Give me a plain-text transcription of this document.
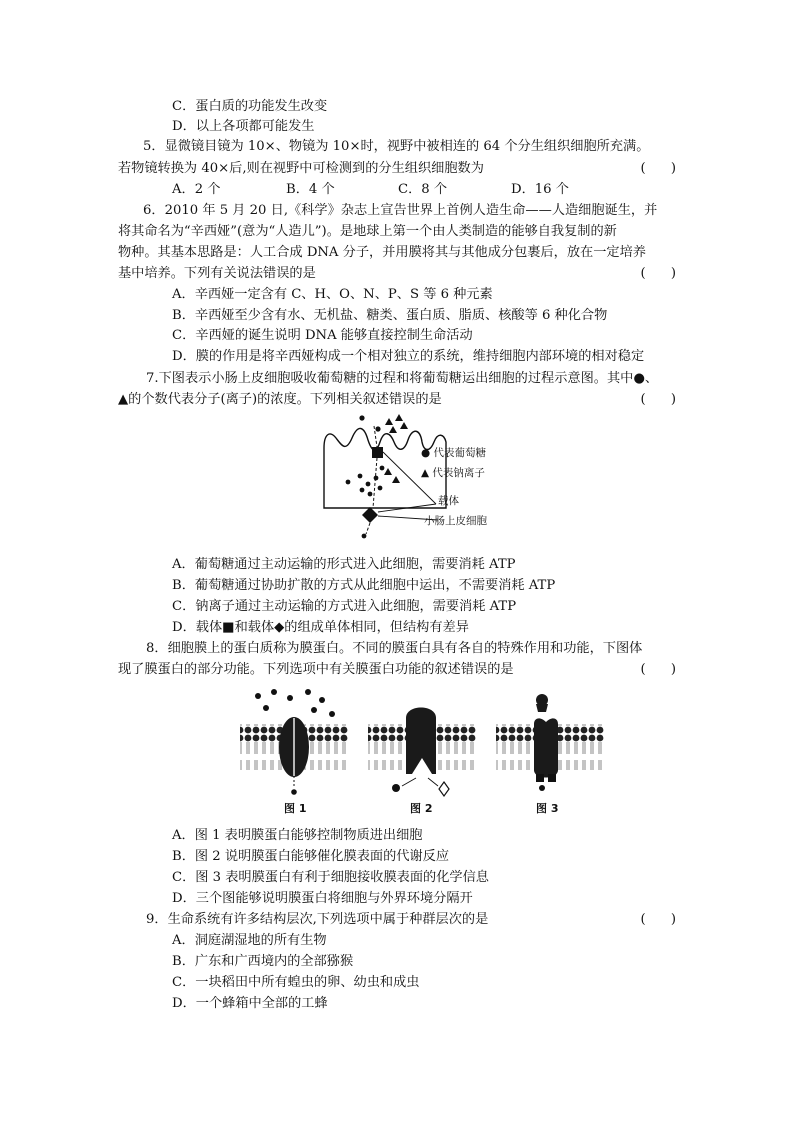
C．蛋白质的功能发生改变
D．以上各项都可能发生
5．显微镜目镜为 10×、物镜为 10×时，视野中被相连的 64 个分生组织细胞所充满。
若物镜转换为 40×后,则在视野中可检测到的分生组织细胞数为	(      )
A．2 个	B．4 个	C．8 个	D．16 个
6．2010 年 5 月 20 日,《科学》杂志上宣告世界上首例人造生命——人造细胞诞生，并
将其命名为“辛西娅”(意为“人造儿”)。是地球上第一个由人类制造的能够自我复制的新
物种。其基本思路是：人工合成 DNA 分子，并用膜将其与其他成分包裹后，放在一定培养
基中培养。下列有关说法错误的是	(      )
A．辛西娅一定含有 C、H、O、N、P、S 等 6 种元素
B．辛西娅至少含有水、无机盐、糖类、蛋白质、脂质、核酸等 6 种化合物
C．辛西娅的诞生说明 DNA 能够直接控制生命活动
D．膜的作用是将辛西娅构成一个相对独立的系统，维持细胞内部环境的相对稳定
7.下图表示小肠上皮细胞吸收葡萄糖的过程和将葡萄糖运出细胞的过程示意图。其中●、
▲的个数代表分子(离子)的浓度。下列相关叙述错误的是	(      )
● 代表葡萄糖
▲ 代表钠离子
载体
小肠上皮细胞
A．葡萄糖通过主动运输的形式进入此细胞，需要消耗 ATP
B．葡萄糖通过协助扩散的方式从此细胞中运出，不需要消耗 ATP
C．钠离子通过主动运输的方式进入此细胞，需要消耗 ATP
D．载体■和载体◆的组成单体相同，但结构有差异
8．细胞膜上的蛋白质称为膜蛋白。不同的膜蛋白具有各自的特殊作用和功能，下图体
现了膜蛋白的部分功能。下列选项中有关膜蛋白功能的叙述错误的是	(      )
图 1	图 2	图 3
A．图 1 表明膜蛋白能够控制物质进出细胞
B．图 2 说明膜蛋白能够催化膜表面的代谢反应
C．图 3 表明膜蛋白有利于细胞接收膜表面的化学信息
D．三个图能够说明膜蛋白将细胞与外界环境分隔开
9．生命系统有许多结构层次,下列选项中属于种群层次的是	(      )
A．洞庭湖湿地的所有生物
B．广东和广西境内的全部猕猴
C．一块稻田中所有蝗虫的卵、幼虫和成虫
D．一个蜂箱中全部的工蜂
